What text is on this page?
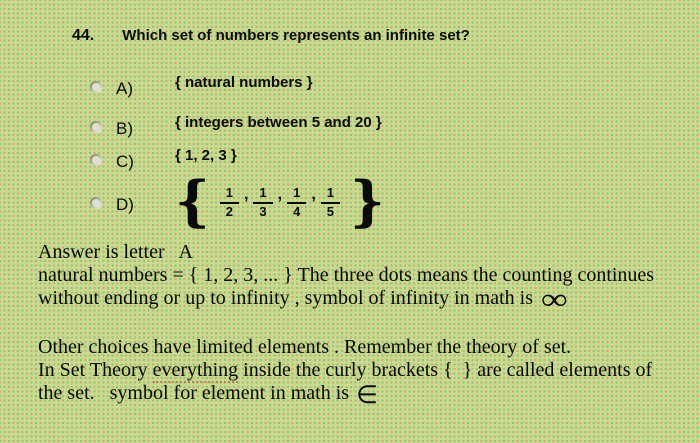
44. Which set of numbers represents an infinite set?
A)	{ natural numbers }
B)	{ integers between 5 and 20 }
C)	{ 1, 2, 3 }
D) { $\frac{1}{2}$ , $\frac{1}{3}$ , $\frac{1}{4}$ , $\frac{1}{5}$ }
Answer is letter   A
natural numbers = { 1, 2, 3, ... } The three dots means the counting continues
without ending or up to infinity , symbol of infinity in math is ∞
Other choices have limited elements . Remember the theory of set.
In Set Theory everything inside the curly brackets {  } are called elements of
the set.   symbol for element in math is ∈
